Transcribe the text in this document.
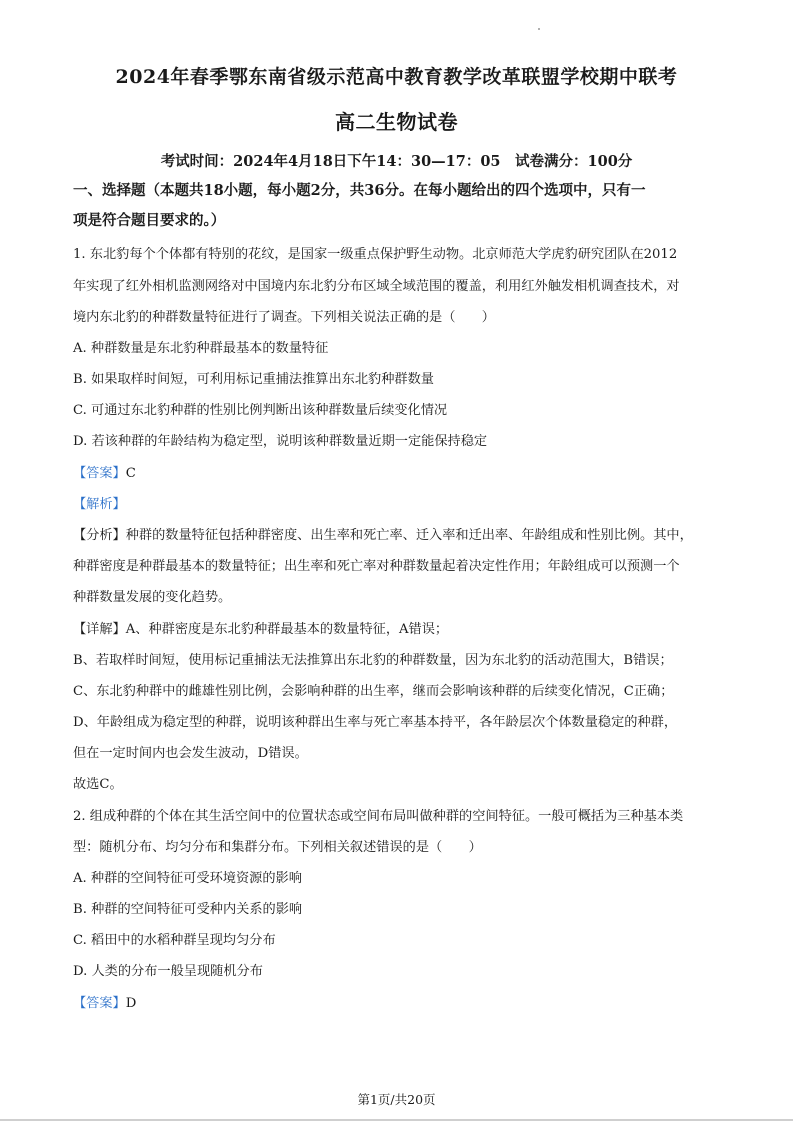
2024年春季鄂东南省级示范高中教育教学改革联盟学校期中联考
高二生物试卷
考试时间：2024年4月18日下午14：30—17：05　试卷满分：100分
一、选择题（本题共18小题，每小题2分，共36分。在每小题给出的四个选项中，只有一
项是符合题目要求的。）
1. 东北豹每个个体都有特别的花纹，是国家一级重点保护野生动物。北京师范大学虎豹研究团队在2012
年实现了红外相机监测网络对中国境内东北豹分布区域全域范围的覆盖，利用红外触发相机调查技术，对
境内东北豹的种群数量特征进行了调查。下列相关说法正确的是（　　）
A. 种群数量是东北豹种群最基本的数量特征
B. 如果取样时间短，可利用标记重捕法推算出东北豹种群数量
C. 可通过东北豹种群的性别比例判断出该种群数量后续变化情况
D. 若该种群的年龄结构为稳定型，说明该种群数量近期一定能保持稳定
【答案】C
【解析】
【分析】种群的数量特征包括种群密度、出生率和死亡率、迁入率和迁出率、年龄组成和性别比例。其中，
种群密度是种群最基本的数量特征；出生率和死亡率对种群数量起着决定性作用；年龄组成可以预测一个
种群数量发展的变化趋势。
【详解】A、种群密度是东北豹种群最基本的数量特征，A错误；
B、若取样时间短，使用标记重捕法无法推算出东北豹的种群数量，因为东北豹的活动范围大，B错误；
C、东北豹种群中的雌雄性别比例，会影响种群的出生率，继而会影响该种群的后续变化情况，C正确；
D、年龄组成为稳定型的种群，说明该种群出生率与死亡率基本持平，各年龄层次个体数量稳定的种群，
但在一定时间内也会发生波动，D错误。
故选C。
2. 组成种群的个体在其生活空间中的位置状态或空间布局叫做种群的空间特征。一般可概括为三种基本类
型：随机分布、均匀分布和集群分布。下列相关叙述错误的是（　　）
A. 种群的空间特征可受环境资源的影响
B. 种群的空间特征可受种内关系的影响
C. 稻田中的水稻种群呈现均匀分布
D. 人类的分布一般呈现随机分布
【答案】D
第1页/共20页
